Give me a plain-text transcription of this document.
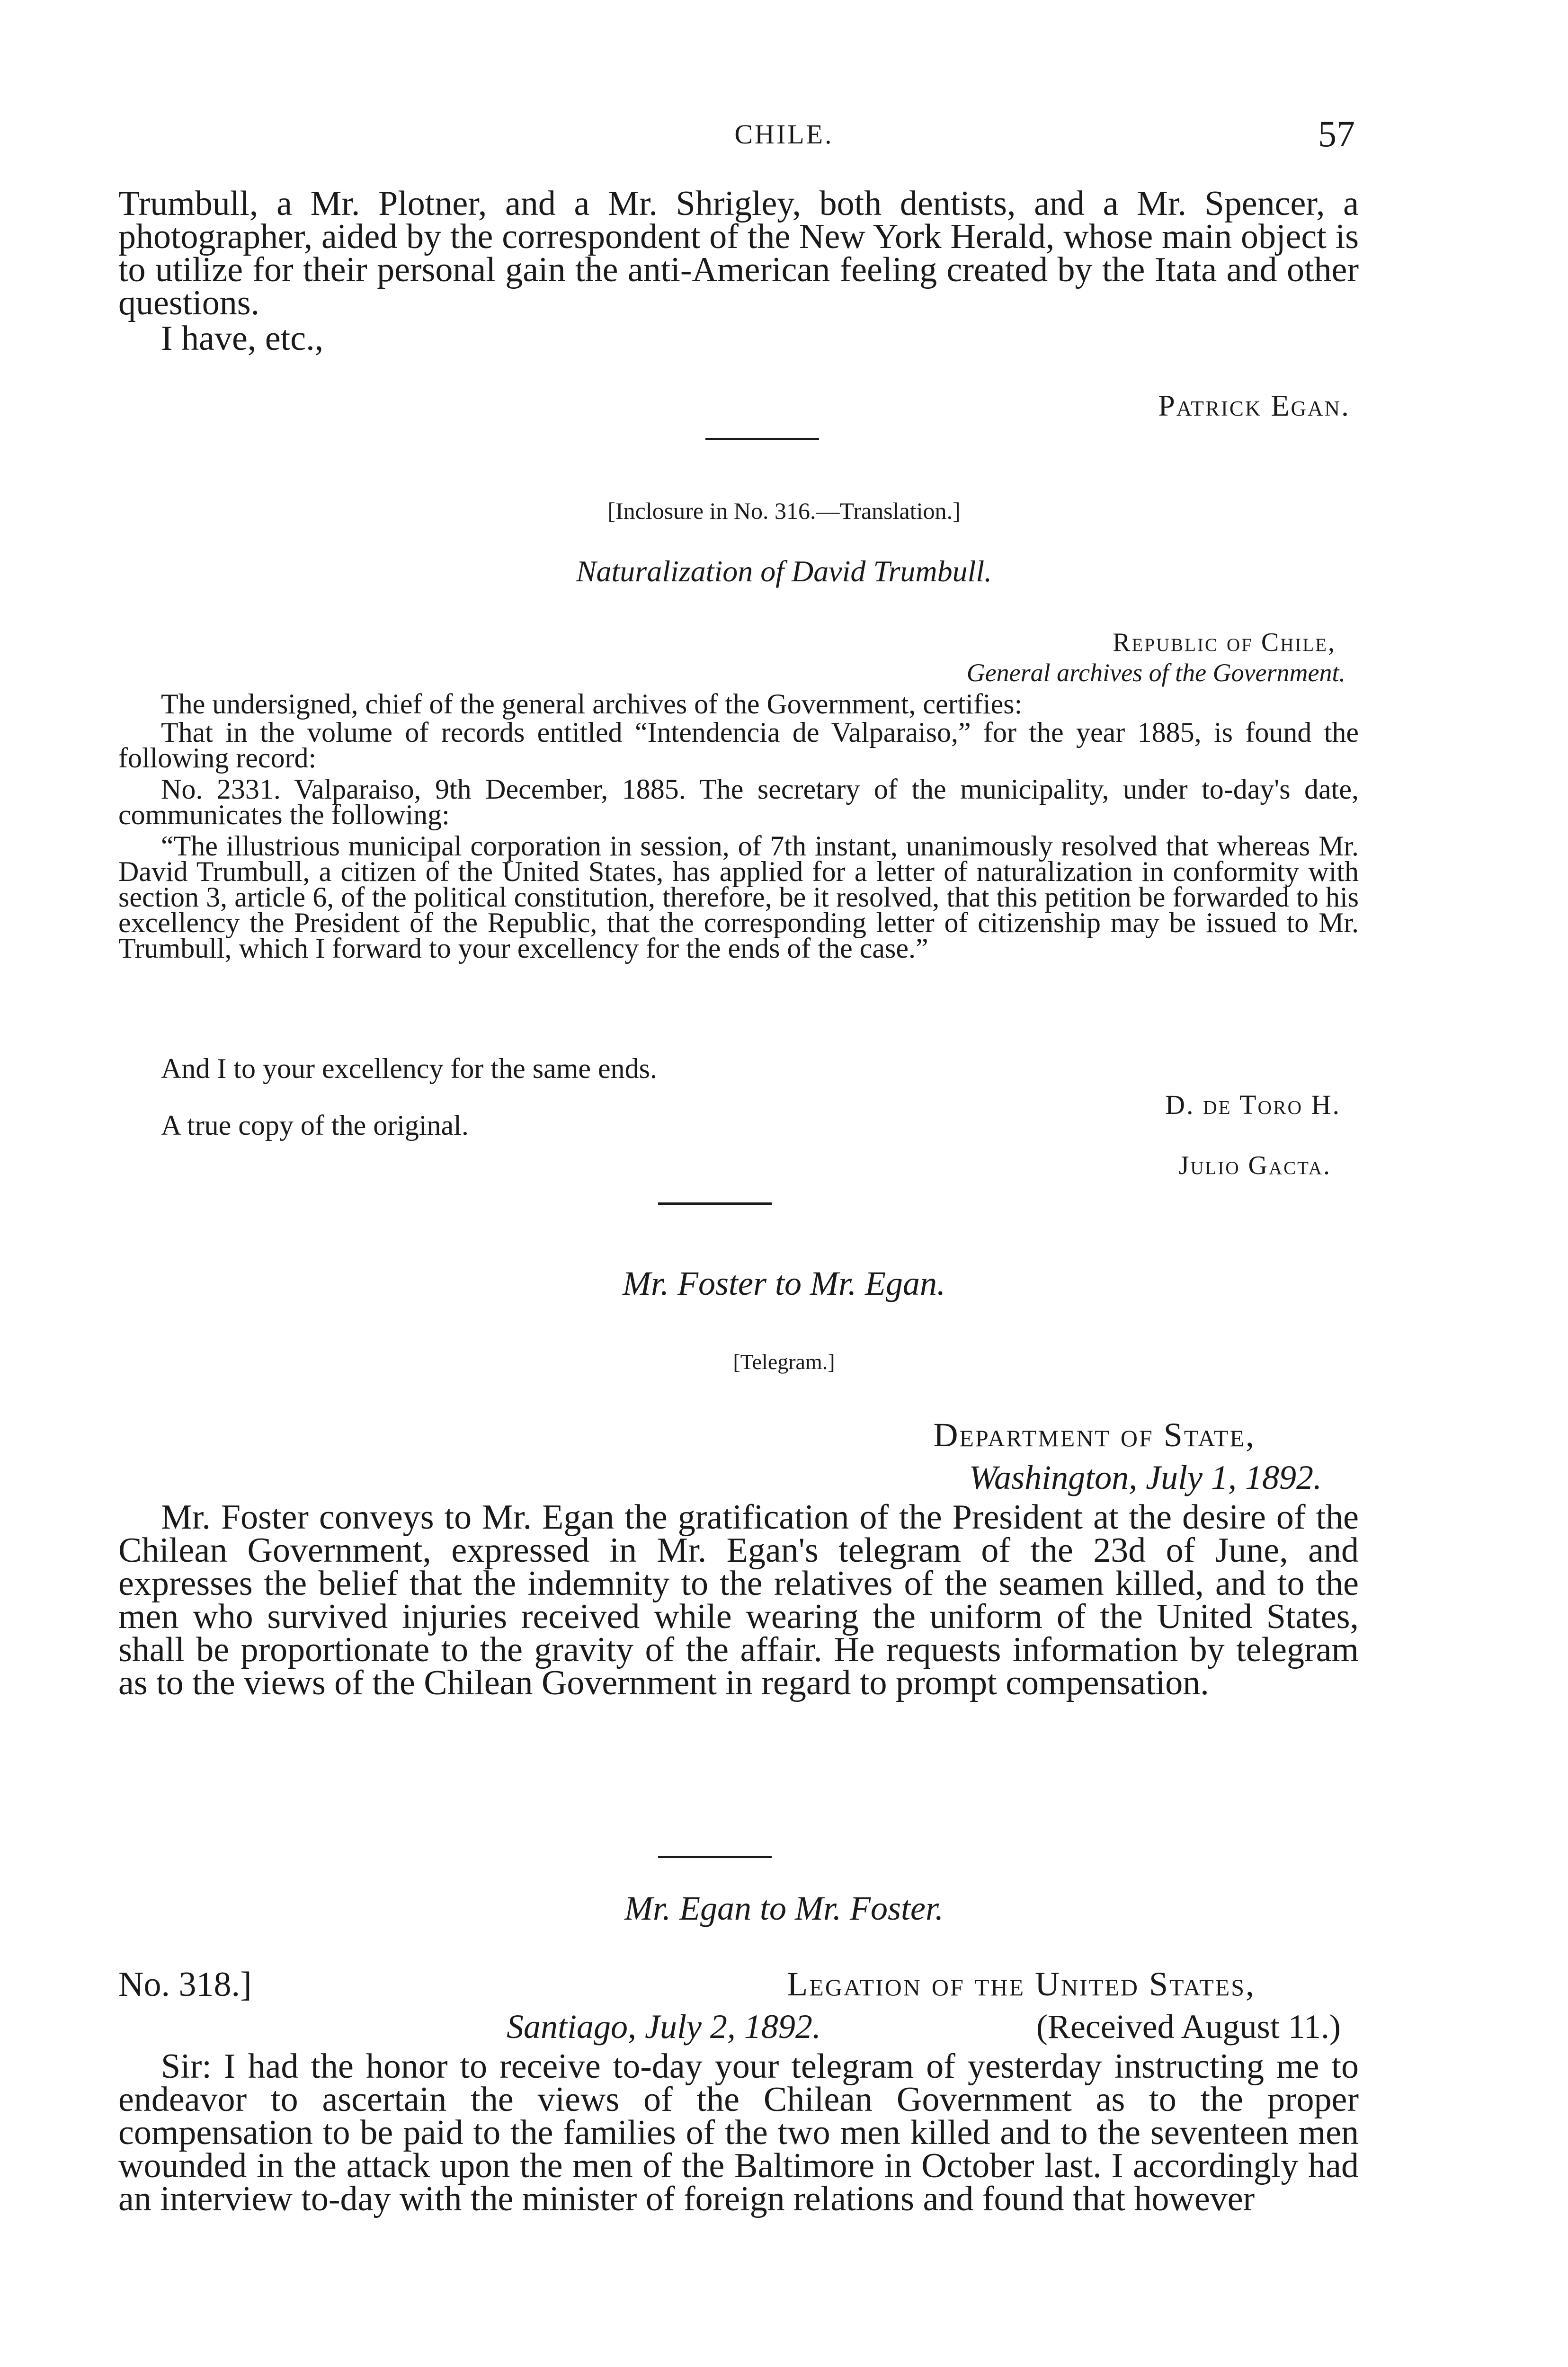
CHILE.	57

Trumbull, a Mr. Plotner, and a Mr. Shrigley, both dentists, and a Mr. Spencer, a photographer, aided by the correspondent of the New York Herald, whose main object is to utilize for their personal gain the anti-American feeling created by the Itata and other questions.

I have, etc.,

Patrick Egan.

[Inclosure in No. 316.—Translation.]

Naturalization of David Trumbull.

Republic of Chile,

General archives of the Government.

The undersigned, chief of the general archives of the Government, certifies:

That in the volume of records entitled “Intendencia de Valparaiso,” for the year 1885, is found the following record:

No. 2331. Valparaiso, 9th December, 1885. The secretary of the municipality, under to-day's date, communicates the following:

“The illustrious municipal corporation in session, of 7th instant, unanimously resolved that whereas Mr. David Trumbull, a citizen of the United States, has applied for a letter of naturalization in conformity with section 3, article 6, of the political constitution, therefore, be it resolved, that this petition be forwarded to his excellency the President of the Republic, that the corresponding letter of citizenship may be issued to Mr. Trumbull, which I forward to your excellency for the ends of the case.”

And I to your excellency for the same ends.

D. de Toro H.

A true copy of the original.

Julio Gacta.

Mr. Foster to Mr. Egan.

[Telegram.]

Department of State,

Washington, July 1, 1892.

Mr. Foster conveys to Mr. Egan the gratification of the President at the desire of the Chilean Government, expressed in Mr. Egan's telegram of the 23d of June, and expresses the belief that the indemnity to the relatives of the seamen killed, and to the men who survived injuries received while wearing the uniform of the United States, shall be proportionate to the gravity of the affair. He requests information by telegram as to the views of the Chilean Government in regard to prompt compensation.

Mr. Egan to Mr. Foster.

No. 318.]	Legation of the United States,

Santiago, July 2, 1892.	(Received August 11.)

Sir: I had the honor to receive to-day your telegram of yesterday instructing me to endeavor to ascertain the views of the Chilean Government as to the proper compensation to be paid to the families of the two men killed and to the seventeen men wounded in the attack upon the men of the Baltimore in October last. I accordingly had an interview to-day with the minister of foreign relations and found that however
